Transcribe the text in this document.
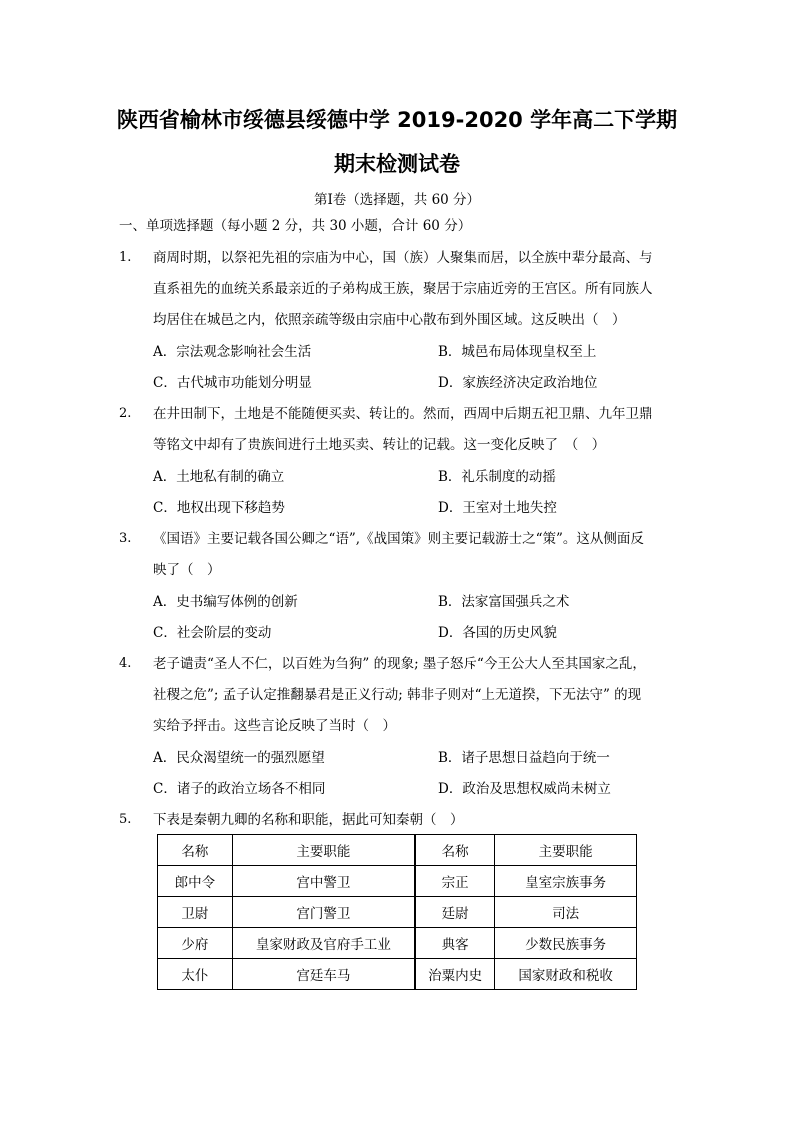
陕西省榆林市绥德县绥德中学 2019-2020 学年高二下学期
期末检测试卷
第Ⅰ卷（选择题，共 60 分）
一、单项选择题（每小题 2 分，共 30 小题，合计 60 分）
1. 商周时期，以祭祀先祖的宗庙为中心，国（族）人聚集而居，以全族中辈分最高、与
直系祖先的血统关系最亲近的子弟构成王族，聚居于宗庙近旁的王宫区。所有同族人
均居住在城邑之内，依照亲疏等级由宗庙中心散布到外围区域。这反映出（　）
A．宗法观念影响社会生活	B．城邑布局体现皇权至上
C．古代城市功能划分明显	D．家族经济决定政治地位
2. 在井田制下，土地是不能随便买卖、转让的。然而，西周中后期五祀卫鼎、九年卫鼎
等铭文中却有了贵族间进行土地买卖、转让的记载。这一变化反映了　（　）
A．土地私有制的确立	B．礼乐制度的动摇
C．地权出现下移趋势	D．王室对土地失控
3. 《国语》主要记载各国公卿之“语”,《战国策》则主要记载游士之“策”。这从侧面反
映了（　）
A．史书编写体例的创新	B．法家富国强兵之术
C．社会阶层的变动	D．各国的历史风貌
4. 老子谴责“圣人不仁，以百姓为刍狗” 的现象; 墨子怒斥“今王公大人至其国家之乱，
社稷之危”; 孟子认定推翻暴君是正义行动; 韩非子则对“上无道揆，下无法守” 的现
实给予抨击。这些言论反映了当时（　）
A．民众渴望统一的强烈愿望	B．诸子思想日益趋向于统一
C．诸子的政治立场各不相同	D．政治及思想权威尚未树立
5. 下表是秦朝九卿的名称和职能，据此可知秦朝（　）
名称	主要职能	名称	主要职能
郎中令	宫中警卫	宗正	皇室宗族事务
卫尉	宫门警卫	廷尉	司法
少府	皇家财政及官府手工业	典客	少数民族事务
太仆	宫廷车马	治粟内史	国家财政和税收
